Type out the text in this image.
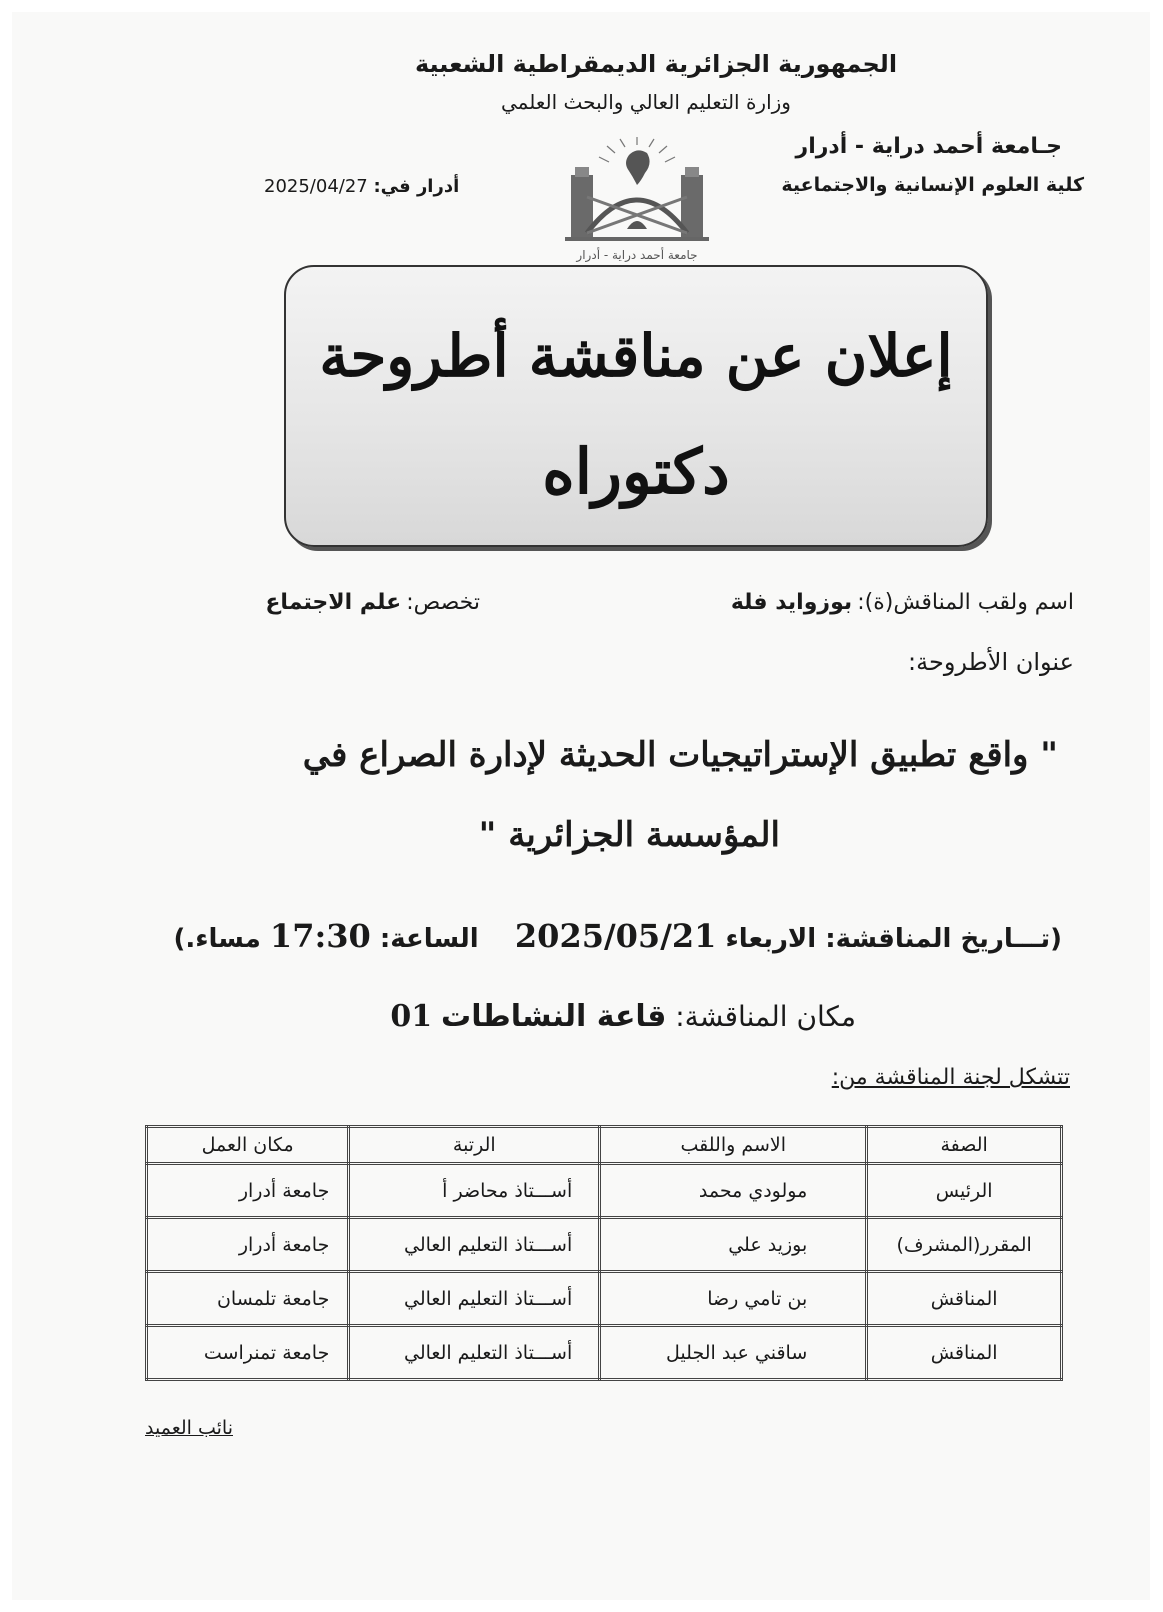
الجمهورية الجزائرية الديمقراطية الشعبية
وزارة التعليم العالي والبحث العلمي
جـامعة أحمد دراية - أدرار
كلية العلوم الإنسانية والاجتماعية
أدرار في: 2025/04/27
جامعة أحمد دراية - أدرار
إعلان عن مناقشة أطروحة
دكتوراه
اسم ولقب المناقش(ة): بوزوايد فلة
تخصص: علم الاجتماع
عنوان الأطروحة:
" واقع تطبيق الإستراتيجيات الحديثة لإدارة الصراع في
المؤسسة الجزائرية "
(تـــاريخ المناقشة: الاربعاء 2025/05/21    الساعة: 17:30 مساء.)
مكان المناقشة: قاعة النشاطات 01
تتشكل لجنة المناقشة من:
الصفة	الاسم واللقب	الرتبة	مكان العمل
الرئيس	مولودي محمد	أســـتاذ محاضر أ	جامعة أدرار
المقرر(المشرف)	بوزيد علي	أســـتاذ التعليم العالي	جامعة أدرار
المناقش	بن تامي رضا	أســـتاذ التعليم العالي	جامعة تلمسان
المناقش	ساقني عبد الجليل	أســـتاذ التعليم العالي	جامعة تمنراست
نائب العميد
